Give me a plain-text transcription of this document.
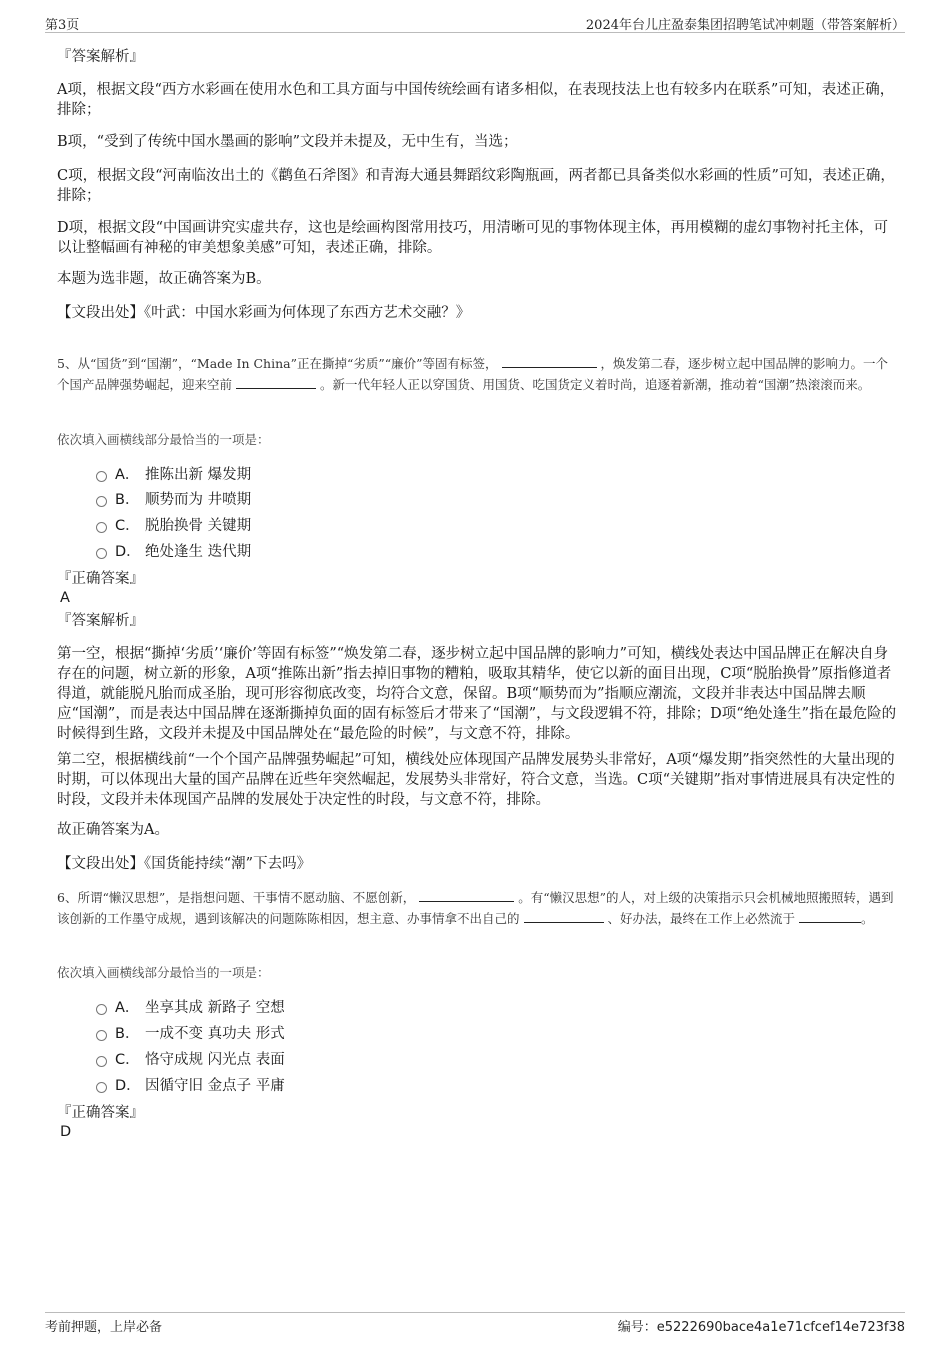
第3页	2024年台儿庄盈泰集团招聘笔试冲刺题（带答案解析）
『答案解析』
A项，根据文段“西方水彩画在使用水色和工具方面与中国传统绘画有诸多相似，在表现技法上也有较多内在联系”可知，表述正确，排除；
B项，“受到了传统中国水墨画的影响”文段并未提及，无中生有，当选；
C项，根据文段“河南临汝出土的《鹳鱼石斧图》和青海大通县舞蹈纹彩陶瓶画，两者都已具备类似水彩画的性质”可知，表述正确，排除；
D项，根据文段“中国画讲究实虚共存，这也是绘画构图常用技巧，用清晰可见的事物体现主体，再用模糊的虚幻事物衬托主体，可以让整幅画有神秘的审美想象美感”可知，表述正确，排除。
本题为选非题，故正确答案为B。
【文段出处】《叶武：中国水彩画为何体现了东西方艺术交融？》
5、从“国货”到“国潮”，“Made In China”正在撕掉“劣质”“廉价”等固有标签，	，焕发第二春，逐步树立起中国品牌的影响力。一个个国产品牌强势崛起，迎来空前	。新一代年轻人正以穿国货、用国货、吃国货定义着时尚，追逐着新潮，推动着“国潮”热滚滚而来。
依次填入画横线部分最恰当的一项是：
A． 推陈出新 爆发期
B． 顺势而为 井喷期
C． 脱胎换骨 关键期
D． 绝处逢生 迭代期
『正确答案』
A
『答案解析』
第一空，根据“撕掉‘劣质’‘廉价’等固有标签”“焕发第二春，逐步树立起中国品牌的影响力”可知，横线处表达中国品牌正在解决自身存在的问题，树立新的形象，A项“推陈出新”指去掉旧事物的糟粕，吸取其精华，使它以新的面目出现，C项“脱胎换骨”原指修道者得道，就能脱凡胎而成圣胎，现可形容彻底改变，均符合文意，保留。B项“顺势而为”指顺应潮流，文段并非表达中国品牌去顺应“国潮”，而是表达中国品牌在逐渐撕掉负面的固有标签后才带来了“国潮”，与文段逻辑不符，排除；D项“绝处逢生”指在最危险的时候得到生路，文段并未提及中国品牌处在“最危险的时候”，与文意不符，排除。
第二空，根据横线前“一个个国产品牌强势崛起”可知，横线处应体现国产品牌发展势头非常好，A项“爆发期”指突然性的大量出现的时期，可以体现出大量的国产品牌在近些年突然崛起，发展势头非常好，符合文意，当选。C项“关键期”指对事情进展具有决定性的时段，文段并未体现国产品牌的发展处于决定性的时段，与文意不符，排除。
故正确答案为A。
【文段出处】《国货能持续“潮”下去吗》
6、所谓“懒汉思想”，是指想问题、干事情不愿动脑、不愿创新，	。有“懒汉思想”的人，对上级的决策指示只会机械地照搬照转，遇到该创新的工作墨守成规，遇到该解决的问题陈陈相因，想主意、办事情拿不出自己的	、好办法，最终在工作上必然流于	。
依次填入画横线部分最恰当的一项是：
A． 坐享其成 新路子 空想
B． 一成不变 真功夫 形式
C． 恪守成规 闪光点 表面
D． 因循守旧 金点子 平庸
『正确答案』
D
考前押题，上岸必备	编号：e5222690bace4a1e71cfcef14e723f38
